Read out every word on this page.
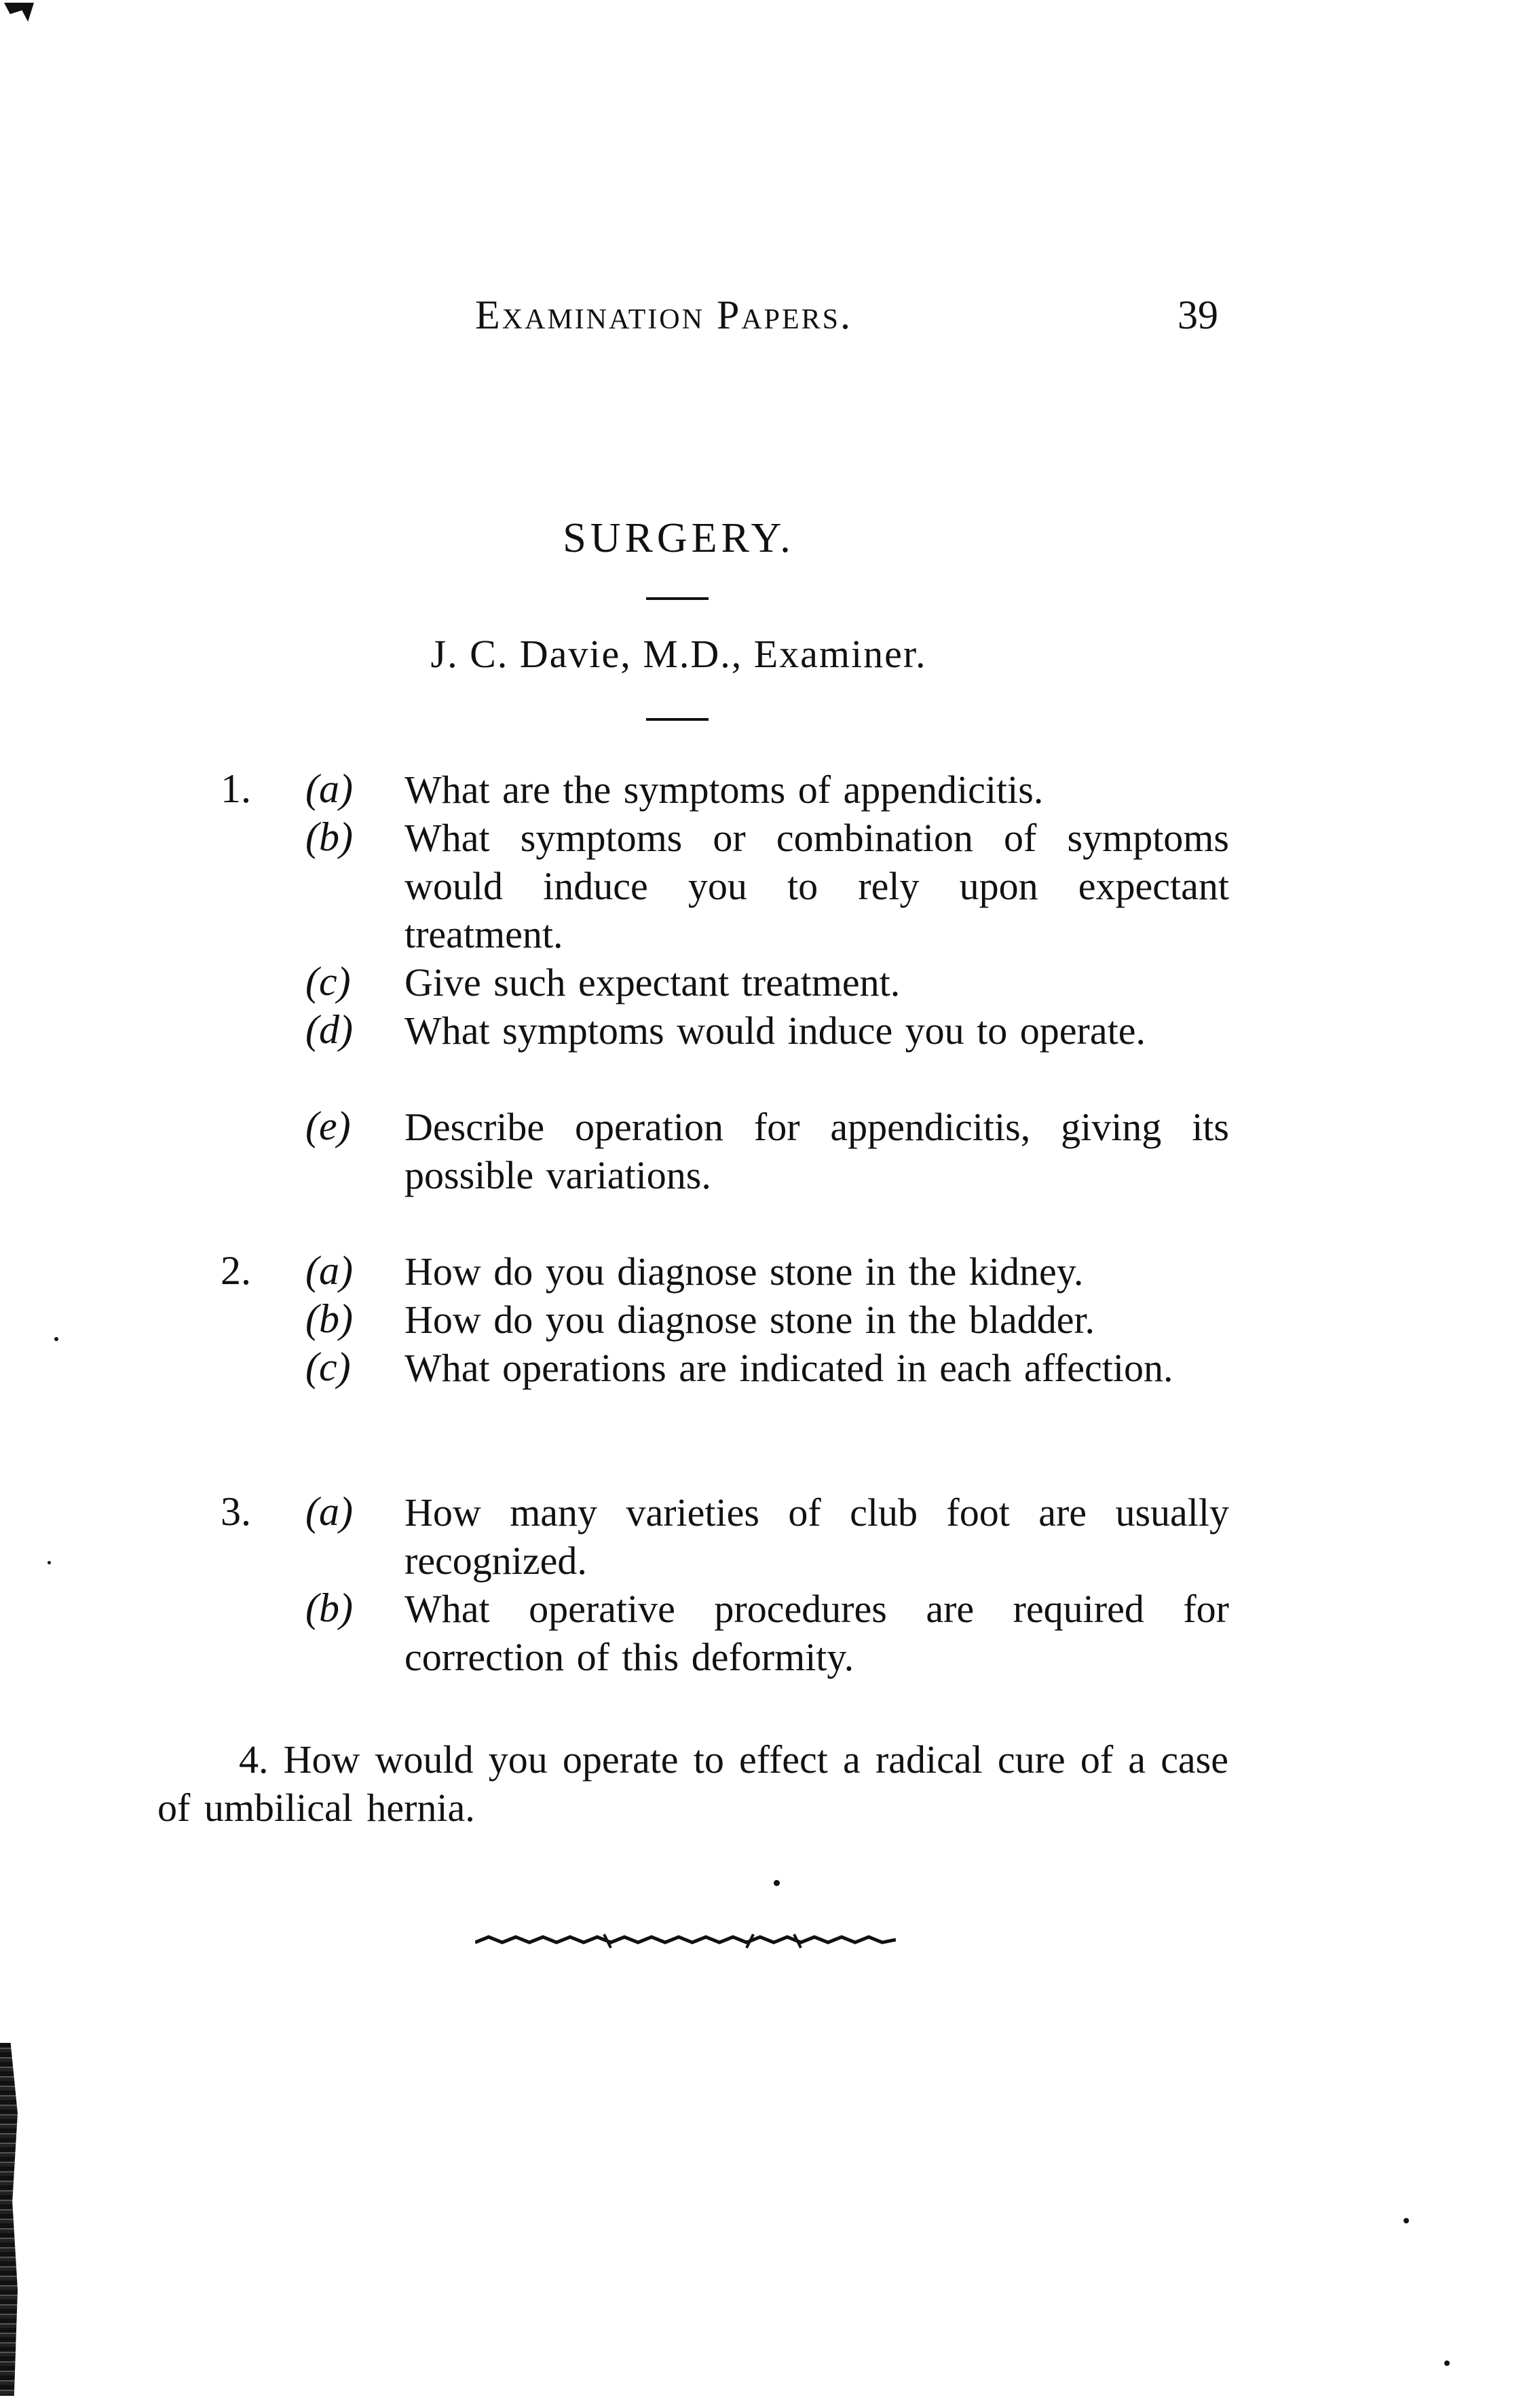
Examination Papers.	39
SURGERY.
J. C. Davie, M.D., Examiner.
1. (a) What are the symptoms of appendicitis.
(b) What symptoms or combination of symptoms would induce you to rely upon expectant treatment.
(c) Give such expectant treatment.
(d) What symptoms would induce you to operate.
(e) Describe operation for appendicitis, giving its possible variations.
2. (a) How do you diagnose stone in the kidney.
(b) How do you diagnose stone in the bladder.
(c) What operations are indicated in each affection.
3. (a) How many varieties of club foot are usually recognized.
(b) What operative procedures are required for correction of this deformity.
4. How would you operate to effect a radical cure of a case of umbilical hernia.
